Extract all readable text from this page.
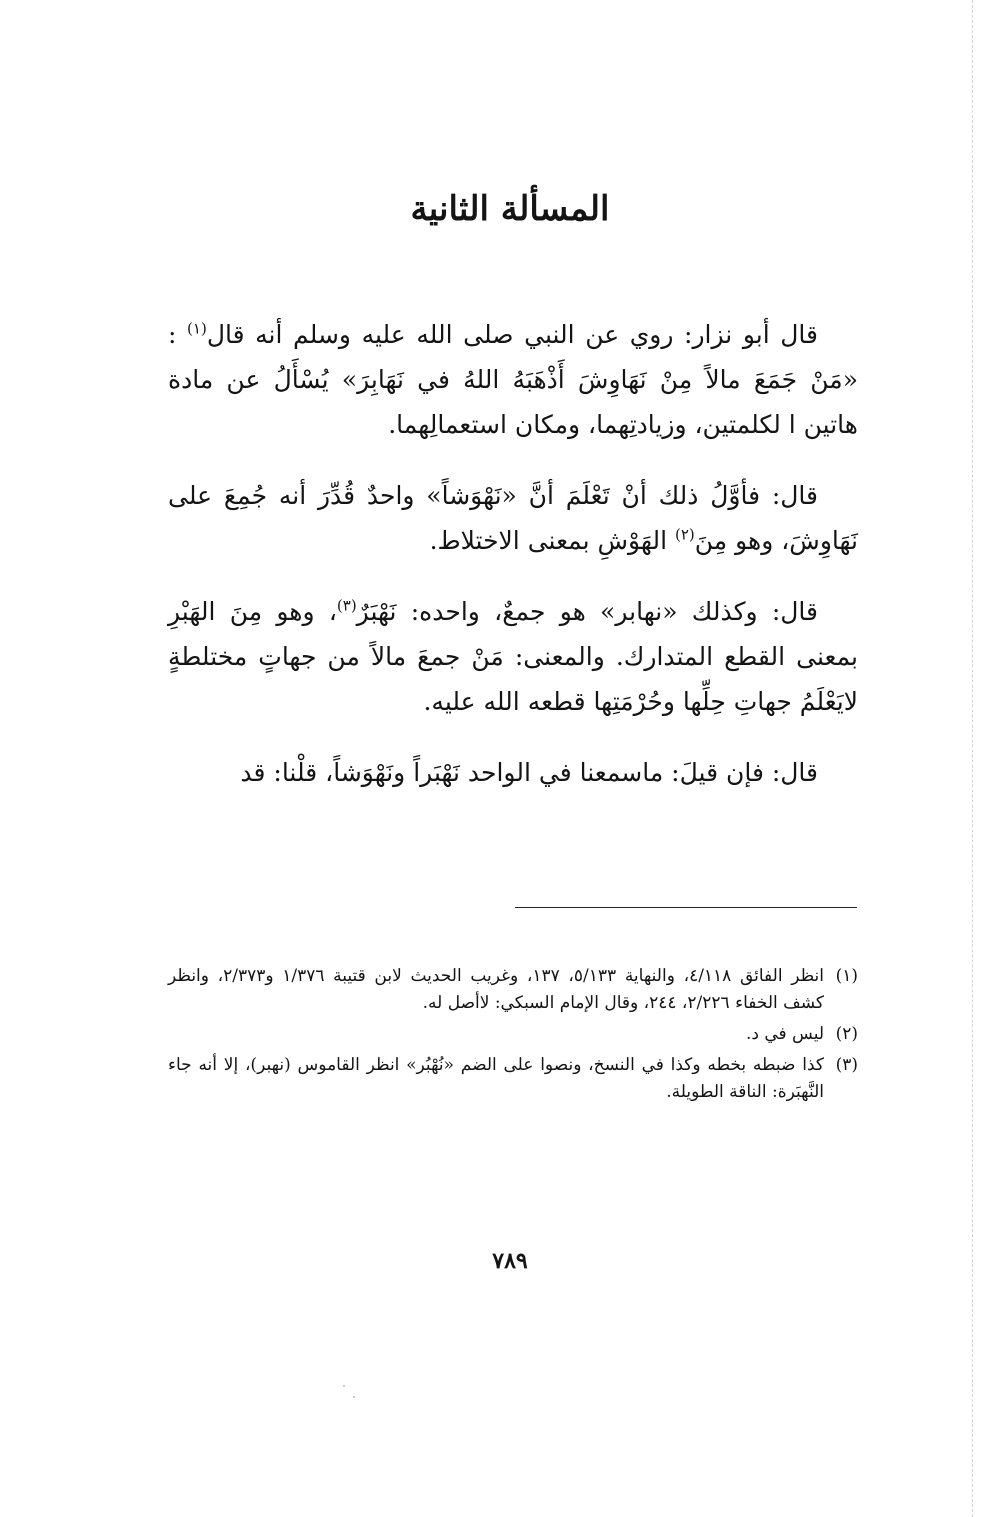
المسألة الثانية

قال أبو نزار: روي عن النبي صلى الله عليه وسلم أنه قال$^{(١)}$ : «مَنْ جَمَعَ مالاً مِنْ نَهَاوِشَ أَذْهَبَهُ اللهُ في نَهَابِرَ» يُسْأَلُ عن مادة هاتين ا لكلمتين، وزيادتِهما، ومكان استعمالِهما.

قال: فأوَّلُ ذلك أنْ تَعْلَمَ أنَّ «نَهْوَشاً» واحدٌ قُدِّرَ أنه جُمِعَ على نَهَاوِشَ، وهو مِنَ$^{(٢)}$ الهَوْشِ بمعنى الاختلاط.

قال: وكذلك «نهابر» هو جمعٌ، واحده: نَهْبَرٌ$^{(٣)}$، وهو مِنَ الهَبْرِ بمعنى القطع المتدارك. والمعنى: مَنْ جمعَ مالاً من جهاتٍ مختلطةٍ لايَعْلَمُ جهاتِ حِلِّها وحُرْمَتِها قطعه الله عليه.

قال: فإن قيلَ: ماسمعنا في الواحد نَهْبَراً ونَهْوَشاً، قلْنا: قد

(١)
انظر الفائق ٤/١١٨، والنهاية ٥/١٣٣، ١٣٧، وغريب الحديث لابن قتيبة ١/٣٧٦ و٢/٣٧٣، وانظر كشف الخفاء ٢/٢٢٦، ٢٤٤، وقال الإمام السبكي: لاأصل له.
(٢)
ليس في د.
(٣)
كذا ضبطه بخطه وكذا في النسخ، ونصوا على الضم «نُهْبُر» انظر القاموس (نهبر)، إلا أنه جاء النَّهبَرة: الناقة الطويلة.
٧٨٩
